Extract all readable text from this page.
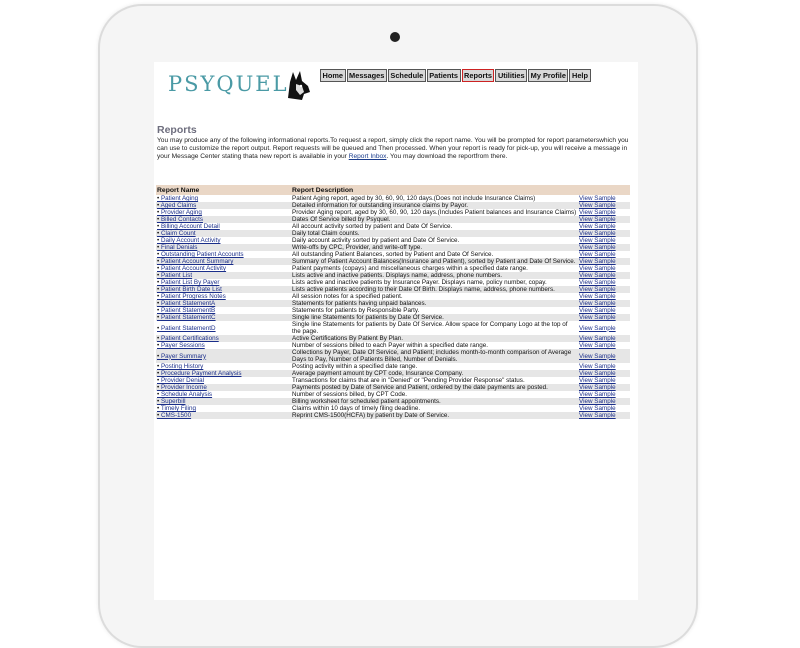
PSYQUEL	Home Messages Schedule Patients Reports Utilities My Profile Help
Reports
You may produce any of the following informational reports.To request a report, simply click the report name. You will be prompted for report parameterswhich you can use to customize the report output. Report requests will be queued and Then processed. When your report is ready for pick-up, you will receive a message in your Message Center stating thata new report is available in your Report Inbox. You may download the reportfrom there.
Report Name	Report Description	
• Patient Aging	Patient Aging report, aged by 30, 60, 90, 120 days.(Does not include Insurance Claims)	View Sample
• Aged Claims	Detailed information for outstanding insurance claims by Payor.	View Sample
• Provider Aging	Provider Aging report, aged by 30, 60, 90, 120 days.(Includes Patient balances and Insurance Claims)	View Sample
• Billed Contacts	Dates Of Service billed by Psyquel.	View Sample
• Billing Account Detail	All account activity sorted by patient and Date Of Service.	View Sample
• Claim Count	Daily total Claim counts.	View Sample
• Daily Account Activity	Daily account activity sorted by patient and Date Of Service.	View Sample
• Final Denials	Write-offs by CPC, Provider, and write-off type.	View Sample
• Outstanding Patient Accounts	All outstanding Patient Balances, sorted by Patient and Date Of Service.	View Sample
• Patient Account Summary	Summary of Patient Account Balances(Insurance and Patient), sorted by Patient and Date Of Service.	View Sample
• Patient Account Activity	Patient payments (copays) and miscellaneous charges within a specified date range.	View Sample
• Patient List	Lists active and inactive patients. Displays name, address, phone numbers.	View Sample
• Patient List By Payer	Lists active and inactive patients by Insurance Payer. Displays name, policy number, copay.	View Sample
• Patient Birth Date List	Lists active patients according to their Date Of Birth. Displays name, address, phone numbers.	View Sample
• Patient Progress Notes	All session notes for a specified patient.	View Sample
• Patient StatementA	Statements for patients having unpaid balances.	View Sample
• Patient StatementB	Statements for patients by Responsible Party.	View Sample
• Patient StatementC	Single line Statements for patients by Date Of Service.	View Sample
• Patient StatementD	Single line Statements for patients by Date Of Service. Allow space for Company Logo at the top of the page.	View Sample
• Patient Certifications	Active Certifications By Patient By Plan.	View Sample
• Payer Sessions	Number of sessions billed to each Payer within a specified date range.	View Sample
• Payer Summary	Collections by Payer, Date Of Service, and Patient; includes month-to-month comparison of Average Days to Pay, Number of Patients Billed, Number of Denials.	View Sample
• Posting History	Posting activity within a specified date range.	View Sample
• Procedure Payment Analysis	Average payment amount by CPT code, Insurance Company.	View Sample
• Provider Denial	Transactions for claims that are in "Denied" or "Pending Provider Response" status.	View Sample
• Provider Income	Payments posted by Date of Service and Patient, ordered by the date payments are posted.	View Sample
• Schedule Analysis	Number of sessions billed, by CPT Code.	View Sample
• Superbill	Billing worksheet for scheduled patient appointments.	View Sample
• Timely Filing	Claims within 10 days of timely filing deadline.	View Sample
• CMS-1500	Reprint CMS-1500(HCFA) by patient by Date of Service.	View Sample
